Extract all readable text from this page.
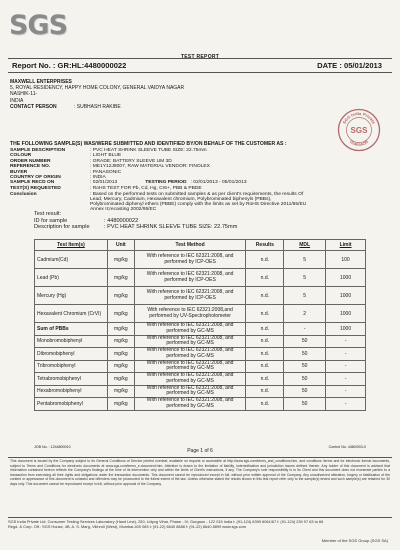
SGS
TEST REPORT
Report No. : GR:HL:4480000022	DATE : 05/01/2013
MAXWELL ENTERPRISES
5, ROYAL RESIDENCY, HAPPY HOME COLONY, GENERAL VAIDYA NAGAR
NASHIK-11-
INDIA
CONTACT PERSON	: SUBHASH RAKIBE
SGS India Private
SGS
GURGAON
THE FOLLOWING SAMPLE(S) WAS/WERE SUBMITTED AND IDENTIFIED BY/ON BEHALF OF THE CUSTOMER AS :
SAMPLE DESCRIPTION	: PVC HEAT SHRINK SLEEVE TUBE SIZE: 22.75mm
COLOUR	: LIGHT BLUE
ORDER NUMBER	: GRADE: BATTERY SLEEVE UM 3D
REFERENCE NO.	: ME1Y12J8007, RAW MATERIAL VENDOR: FINOLEX
BUYER	: PANASONIC
COUNTRY OF ORIGIN	: INDIA
SAMPLE RECD ON	: 02/01/2013	TESTING PERIOD : 02/01/2013 - 05/01/2013
TEST(S) REQUESTED	: RoHS TEST FOR Pb, Cd, Hg, Cr6+, PBB & PBDE
Conclusion	: Based on the performed tests on submitted samples & as per client's requirements, the results Of
Lead, Mercury, Cadmium, Hexavalent chromium, Polybrominated biphenyls (PBBs),
Polybrominated diphenyl ethers (PBBE) comply with the limits as set by RoHS Directive 2011/65/EU
Annex II;recasting 2002/95/EC
Test result:
ID for sample	: 4480000022
Description for sample	: PVC HEAT SHRINK SLEEVE TUBE SIZE: 22.75mm
Test Item(s)	Unit	Test Method	Results	MDL	Limit
Cadmium(Cd)	mg/kg	With reference to IEC 62321:2008, and performed by ICP-OES	n.d.	5	100
Lead (Pb)	mg/kg	With reference to IEC 62321:2008, and performed by ICP-OES	n.d.	5	1000
Mercury (Hg)	mg/kg	With reference to IEC 62321:2008, and performed by ICP-OES	n.d.	5	1000
Hexavalent Chromium (CrVI)	mg/kg	With reference to IEC 62321:2008,and performed by UV-Spectrophotometer	n.d.	2	1000
Sum of PBBs	mg/kg	With reference to IEC 62321:2008, and performed by GC-MS	n.d.	-	1000
Monobromobiphenyl	mg/kg	With reference to IEC 62321:2008, and performed by GC-MS	n.d.	50	-
Dibromobiphenyl	mg/kg	With reference to IEC 62321:2008, and performed by GC-MS	n.d.	50	-
Tribromobiphenyl	mg/kg	With reference to IEC 62321:2008, and performed by GC-MS	n.d.	50	-
Tetrabromobiphenyl	mg/kg	With reference to IEC 62321:2008, and performed by GC-MS	n.d.	50	-
Hexabromobiphenyl	mg/kg	With reference to IEC 62321:2008, and performed by GC-MS	n.d.	50	-
Pentabromobiphenyl	mg/kg	With reference to IEC 62321:2008, and performed by GC-MS	n.d.	50	-
JOB No. : 1244800010	Control No. 4480/003-0
Page 1 of 6
This document is issued by the Company subject to its General Conditions of Service printed overleaf, available on request or accessible at http://www.sgs.com/terms_and_conditions.htm, and conditions /terms and for electronic format documents, subject to Terms and Conditions for electronic documents at www.sgs.com/terms_e-document.htm. Attention is drawn to the limitation of liability, indemnification and jurisdiction issues defined therein. Any holder of this document is advised that information contained hereon reflects the Company's findings at the time of its intervention only and within the limits of Client's instructions, if any. The Company's sole responsibility is to its Client and this document does not exonerate parties to a transaction from exercising all their rights and obligations under the transaction documents. This document cannot be reproduced except in full, without prior written approval of the Company. Any unauthorized alteration, forgery or falsification of the content or appearance of this document is unlawful and offenders may be prosecuted to the fullest extent of the law. Unless otherwise stated the results shown in this test report refer only to the sample(s) tested and such sample(s) are retained for 30 days only. This document cannot be reproduced except in full, without prior approval of the Company.
SGS India Private Ltd. Consumer Testing Services Laboratory (Hand Line), 250, Udyog Vihar, Phase - IV, Gurgaon - 122 015 India t: (91-124) 6399 6061/67 f: (91-124) 239 97 63 to 66
Regd. & Corp. Off.: SGS House, 4B, A. S. Marg, Vikhroli (West), Mumbai-400 083 t: (91-22) 6640 8888 f: (91-22) 6640 8899 www.sgs.com
Member of the SGS Group (SGS SA)
